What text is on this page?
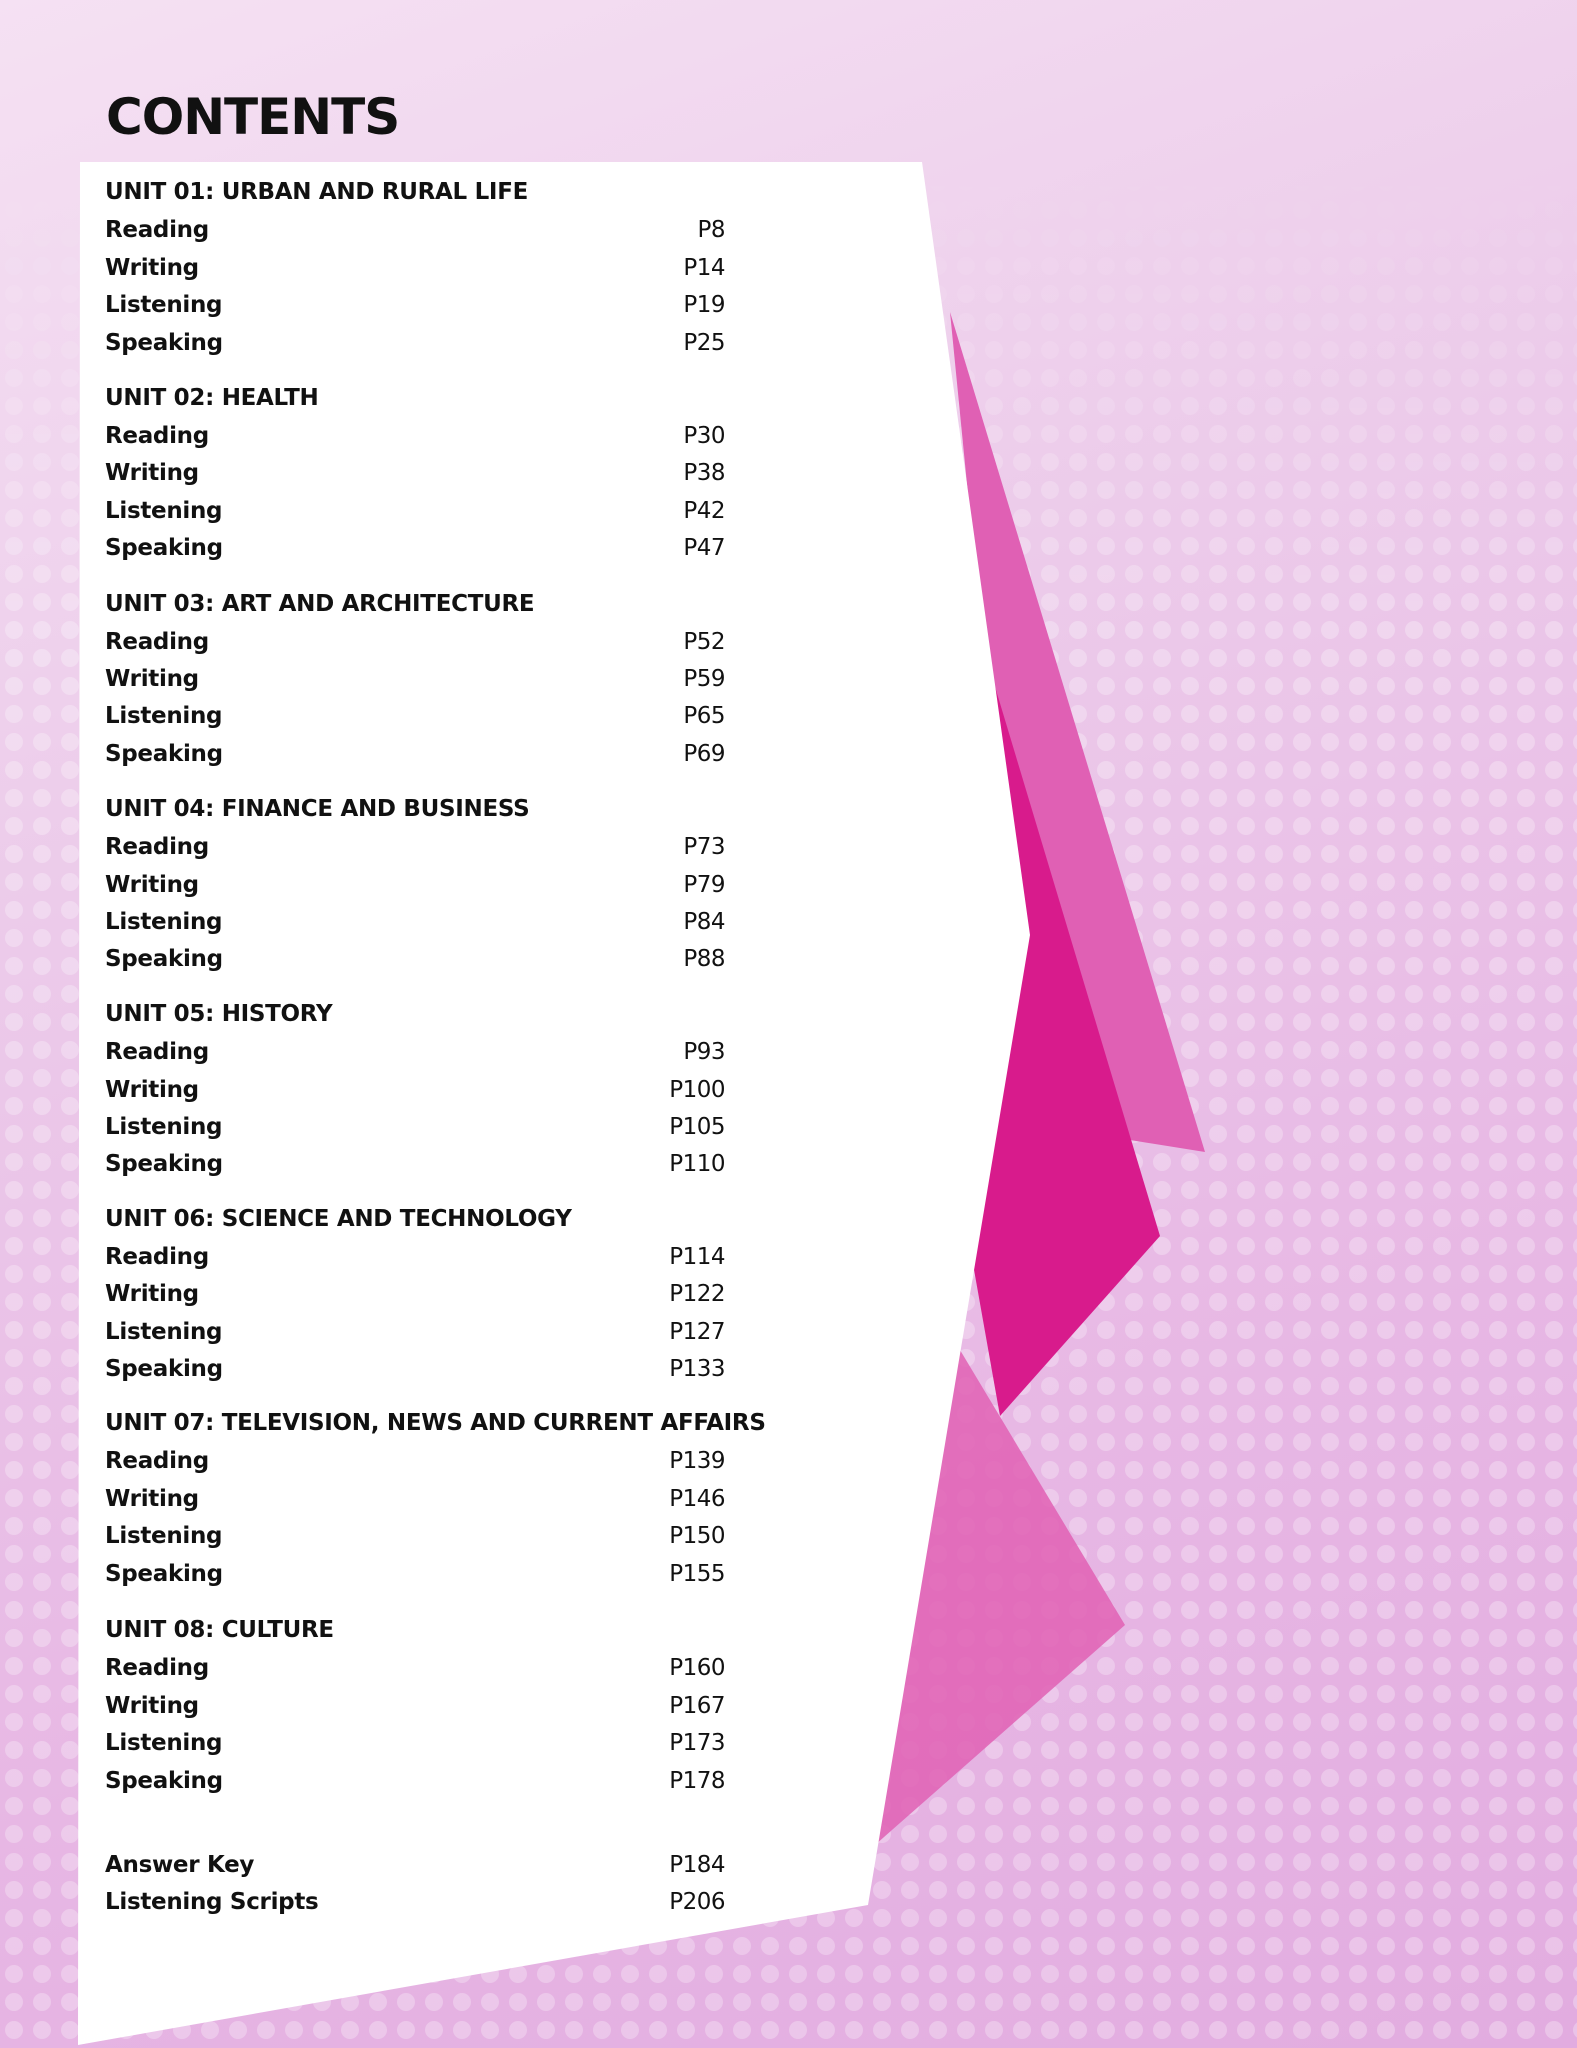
CONTENTS
UNIT 01: URBAN AND RURAL LIFE
Reading	P8
Writing	P14
Listening	P19
Speaking	P25
UNIT 02: HEALTH
Reading	P30
Writing	P38
Listening	P42
Speaking	P47
UNIT 03: ART AND ARCHITECTURE
Reading	P52
Writing	P59
Listening	P65
Speaking	P69
UNIT 04: FINANCE AND BUSINESS
Reading	P73
Writing	P79
Listening	P84
Speaking	P88
UNIT 05: HISTORY
Reading	P93
Writing	P100
Listening	P105
Speaking	P110
UNIT 06: SCIENCE AND TECHNOLOGY
Reading	P114
Writing	P122
Listening	P127
Speaking	P133
UNIT 07: TELEVISION, NEWS AND CURRENT AFFAIRS
Reading	P139
Writing	P146
Listening	P150
Speaking	P155
UNIT 08: CULTURE
Reading	P160
Writing	P167
Listening	P173
Speaking	P178
Answer Key	P184
Listening Scripts	P206
